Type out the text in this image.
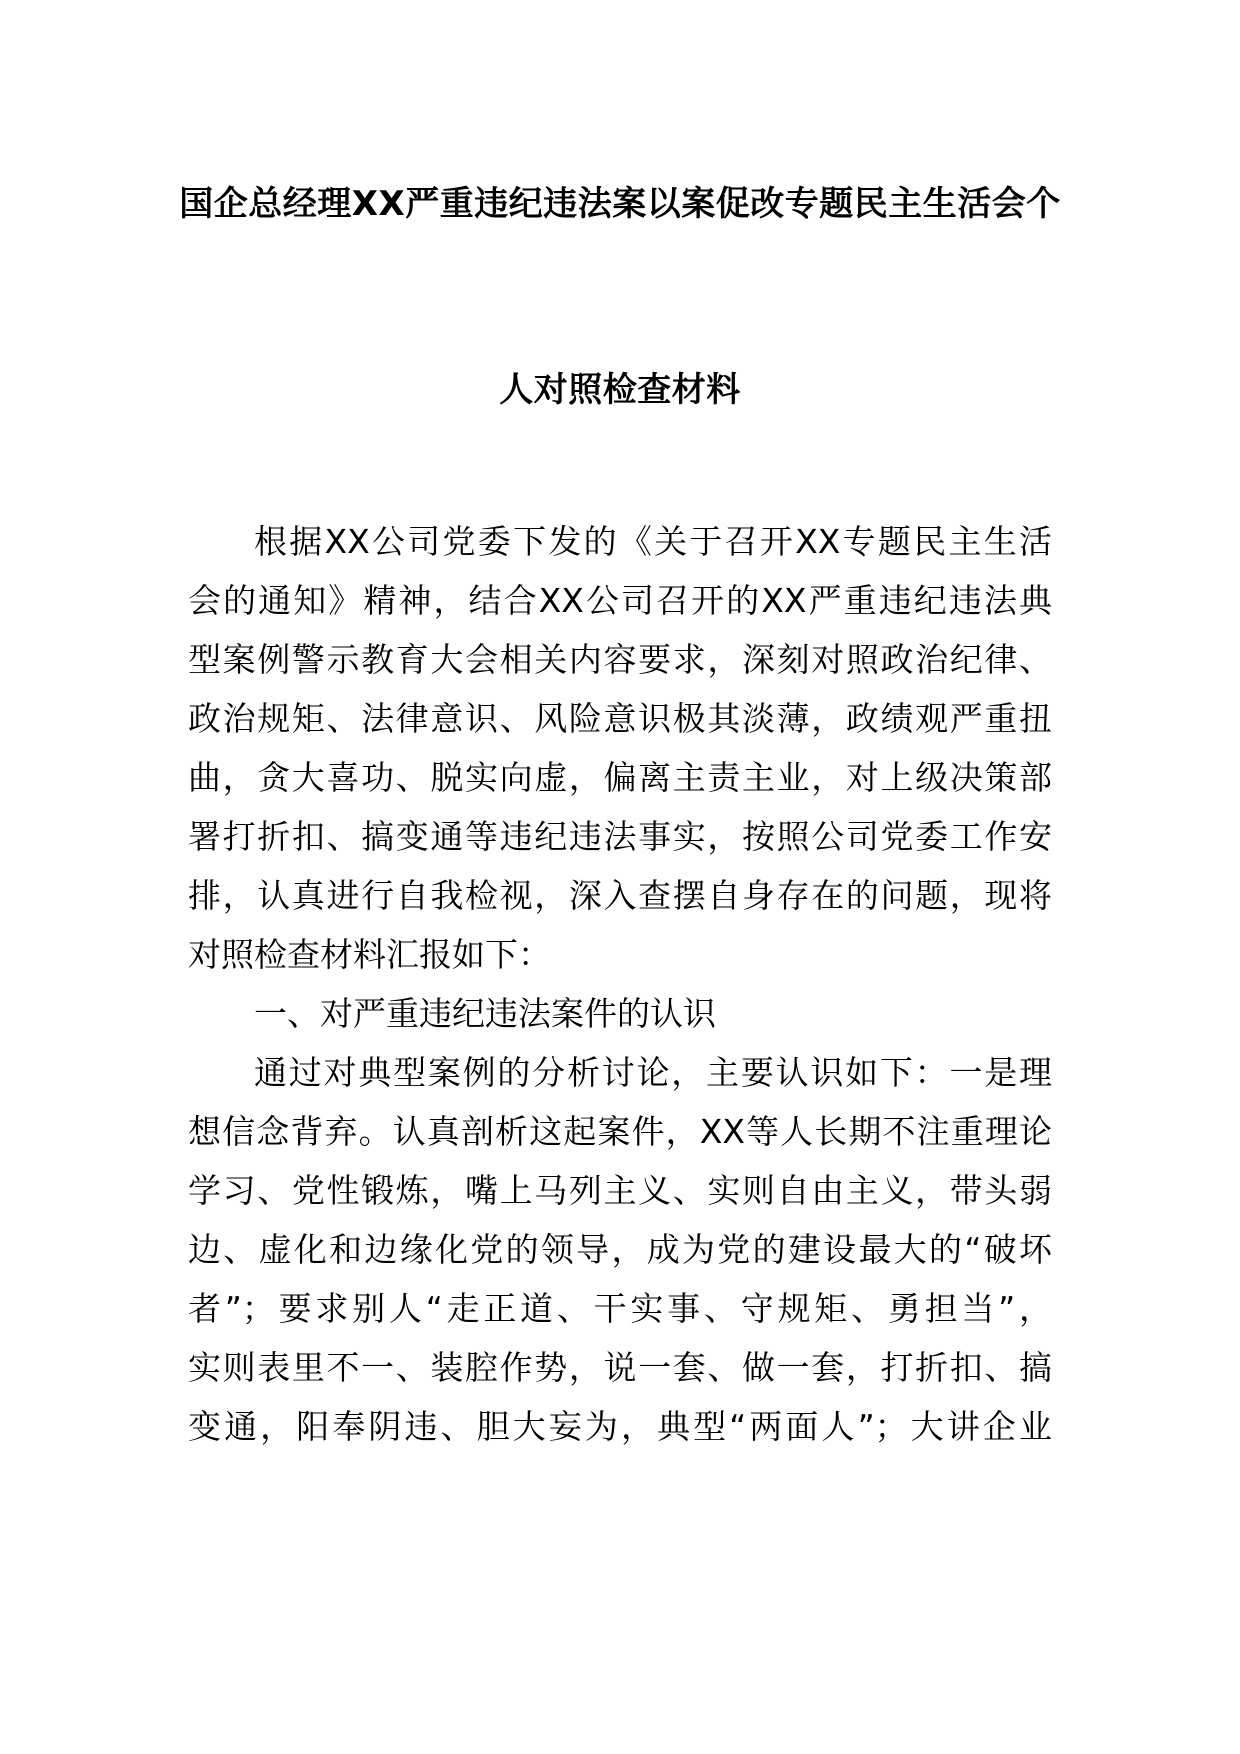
国企总经理XX严重违纪违法案以案促改专题民主生活会个
人对照检查材料
根据XX公司党委下发的《关于召开XX专题民主生活
会的通知》精神，结合XX公司召开的XX严重违纪违法典
型案例警示教育大会相关内容要求，深刻对照政治纪律、
政治规矩、法律意识、风险意识极其淡薄，政绩观严重扭
曲，贪大喜功、脱实向虚，偏离主责主业，对上级决策部
署打折扣、搞变通等违纪违法事实，按照公司党委工作安
排，认真进行自我检视，深入查摆自身存在的问题，现将
对照检查材料汇报如下：
一、对严重违纪违法案件的认识
通过对典型案例的分析讨论，主要认识如下：一是理
想信念背弃。认真剖析这起案件，XX等人长期不注重理论
学习、党性锻炼，嘴上马列主义、实则自由主义，带头弱
边、虚化和边缘化党的领导，成为党的建设最大的“破坏
者”；要求别人“走正道、干实事、守规矩、勇担当”，
实则表里不一、装腔作势，说一套、做一套，打折扣、搞
变通，阳奉阴违、胆大妄为，典型“两面人”；大讲企业
